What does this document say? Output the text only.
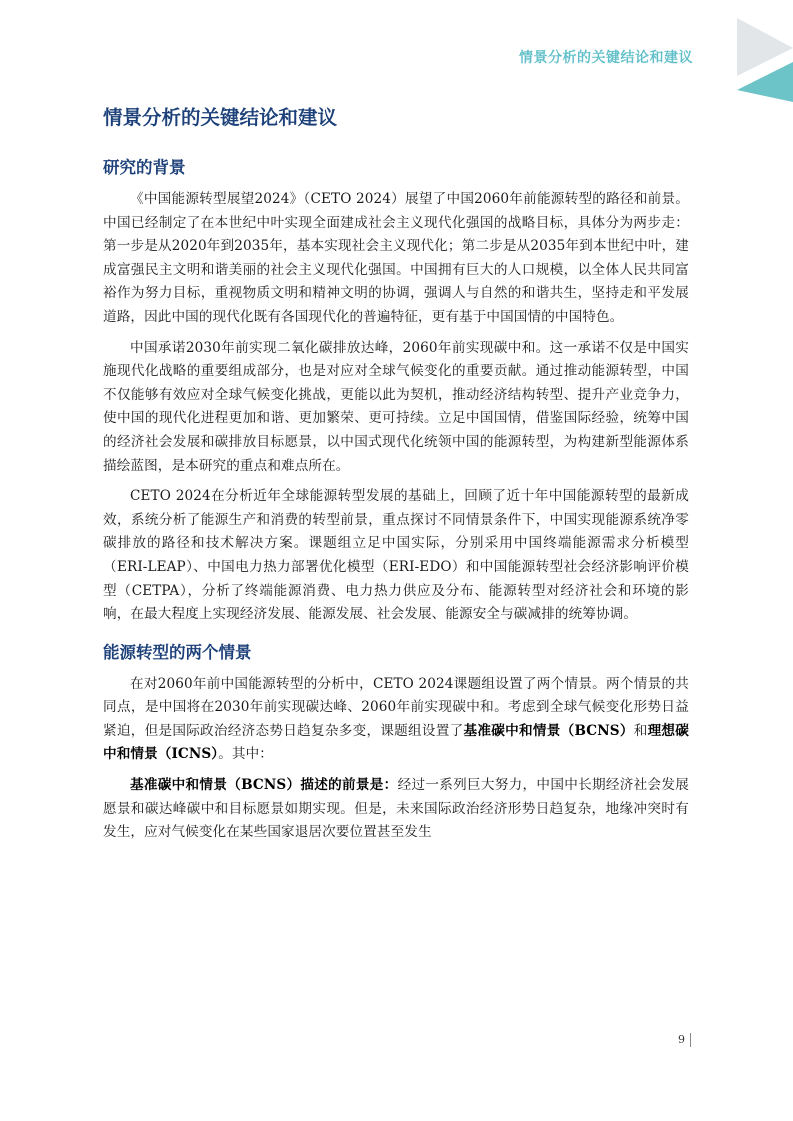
情景分析的关键结论和建议
情景分析的关键结论和建议
研究的背景

《中国能源转型展望2024》（CETO 2024）展望了中国2060年前能源转型的路径和前景。中国已经制定了在本世纪中叶实现全面建成社会主义现代化强国的战略目标，具体分为两步走：第一步是从2020年到2035年，基本实现社会主义现代化；第二步是从2035年到本世纪中叶，建成富强民主文明和谐美丽的社会主义现代化强国。中国拥有巨大的人口规模，以全体人民共同富裕作为努力目标，重视物质文明和精神文明的协调，强调人与自然的和谐共生，坚持走和平发展道路，因此中国的现代化既有各国现代化的普遍特征，更有基于中国国情的中国特色。

中国承诺2030年前实现二氧化碳排放达峰，2060年前实现碳中和。这一承诺不仅是中国实施现代化战略的重要组成部分，也是对应对全球气候变化的重要贡献。通过推动能源转型，中国不仅能够有效应对全球气候变化挑战，更能以此为契机，推动经济结构转型、提升产业竞争力，使中国的现代化进程更加和谐、更加繁荣、更可持续。立足中国国情，借鉴国际经验，统筹中国的经济社会发展和碳排放目标愿景，以中国式现代化统领中国的能源转型，为构建新型能源体系描绘蓝图，是本研究的重点和难点所在。

CETO 2024在分析近年全球能源转型发展的基础上，回顾了近十年中国能源转型的最新成效，系统分析了能源生产和消费的转型前景，重点探讨不同情景条件下，中国实现能源系统净零碳排放的路径和技术解决方案。课题组立足中国实际，分别采用中国终端能源需求分析模型（ERI-LEAP）、中国电力热力部署优化模型（ERI-EDO）和中国能源转型社会经济影响评价模型（CETPA），分析了终端能源消费、电力热力供应及分布、能源转型对经济社会和环境的影响，在最大程度上实现经济发展、能源发展、社会发展、能源安全与碳减排的统筹协调。

能源转型的两个情景

在对2060年前中国能源转型的分析中，CETO 2024课题组设置了两个情景。两个情景的共同点，是中国将在2030年前实现碳达峰、2060年前实现碳中和。考虑到全球气候变化形势日益紧迫，但是国际政治经济态势日趋复杂多变，课题组设置了基准碳中和情景（BCNS）和理想碳中和情景（ICNS）。其中：

基准碳中和情景（BCNS）描述的前景是：经过一系列巨大努力，中国中长期经济社会发展愿景和碳达峰碳中和目标愿景如期实现。但是，未来国际政治经济形势日趋复杂，地缘冲突时有发生，应对气候变化在某些国家退居次要位置甚至发生

9
